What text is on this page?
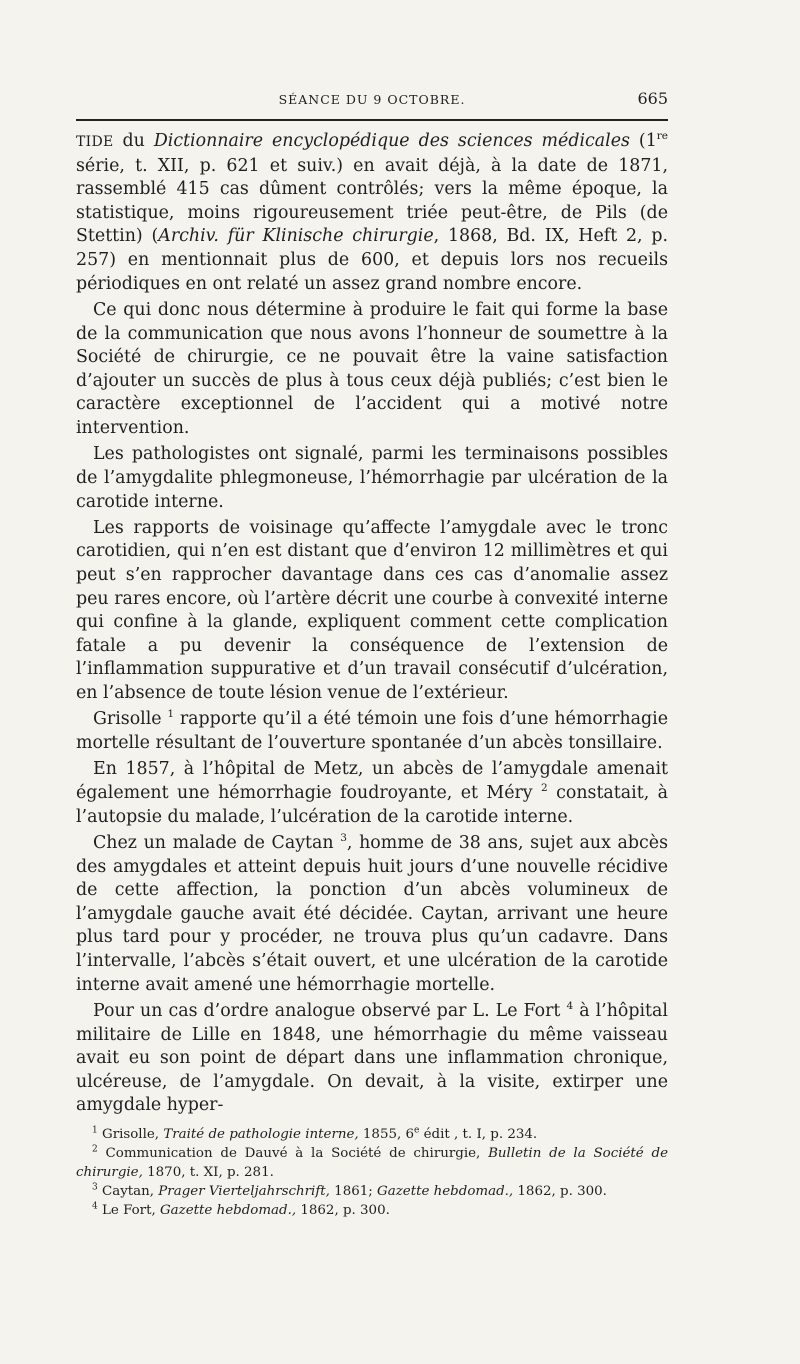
SÉANCE DU 9 OCTOBRE.	665

TIDE du Dictionnaire encyclopédique des sciences médicales (1re série, t. XII, p. 621 et suiv.) en avait déjà, à la date de 1871, rassemblé 415 cas dûment contrôlés; vers la même époque, la statistique, moins rigoureusement triée peut-être, de Pils (de Stettin) (Archiv. für Klinische chirurgie, 1868, Bd. IX, Heft 2, p. 257) en mentionnait plus de 600, et depuis lors nos recueils périodiques en ont relaté un assez grand nombre encore.

Ce qui donc nous détermine à produire le fait qui forme la base de la communication que nous avons l’honneur de soumettre à la Société de chirurgie, ce ne pouvait être la vaine satisfaction d’ajouter un succès de plus à tous ceux déjà publiés; c’est bien le caractère exceptionnel de l’accident qui a motivé notre intervention.

Les pathologistes ont signalé, parmi les terminaisons possibles de l’amygdalite phlegmoneuse, l’hémorrhagie par ulcération de la carotide interne.

Les rapports de voisinage qu’affecte l’amygdale avec le tronc carotidien, qui n’en est distant que d’environ 12 millimètres et qui peut s’en rapprocher davantage dans ces cas d’anomalie assez peu rares encore, où l’artère décrit une courbe à convexité interne qui confine à la glande, expliquent comment cette complication fatale a pu devenir la conséquence de l’extension de l’inflammation suppurative et d’un travail consécutif d’ulcération, en l’absence de toute lésion venue de l’extérieur.

Grisolle $^1$ rapporte qu’il a été témoin une fois d’une hémorrhagie mortelle résultant de l’ouverture spontanée d’un abcès tonsillaire.

En 1857, à l’hôpital de Metz, un abcès de l’amygdale amenait également une hémorrhagie foudroyante, et Méry $^2$ constatait, à l’autopsie du malade, l’ulcération de la carotide interne.

Chez un malade de Caytan $^3$, homme de 38 ans, sujet aux abcès des amygdales et atteint depuis huit jours d’une nouvelle récidive de cette affection, la ponction d’un abcès volumineux de l’amygdale gauche avait été décidée. Caytan, arrivant une heure plus tard pour y procéder, ne trouva plus qu’un cadavre. Dans l’intervalle, l’abcès s’était ouvert, et une ulcération de la carotide interne avait amené une hémorrhagie mortelle.

Pour un cas d’ordre analogue observé par L. Le Fort $^4$ à l’hôpital militaire de Lille en 1848, une hémorrhagie du même vaisseau avait eu son point de départ dans une inflammation chronique, ulcéreuse, de l’amygdale. On devait, à la visite, extirper une amygdale hyper-

$^1$ Grisolle, Traité de pathologie interne, 1855, 6e édit , t. I, p. 234.

$^2$ Communication de Dauvé à la Société de chirurgie, Bulletin de la Société de chirurgie, 1870, t. XI, p. 281.

$^3$ Caytan, Prager Vierteljahrschrift, 1861; Gazette hebdomad., 1862, p. 300.

$^4$ Le Fort, Gazette hebdomad., 1862, p. 300.
